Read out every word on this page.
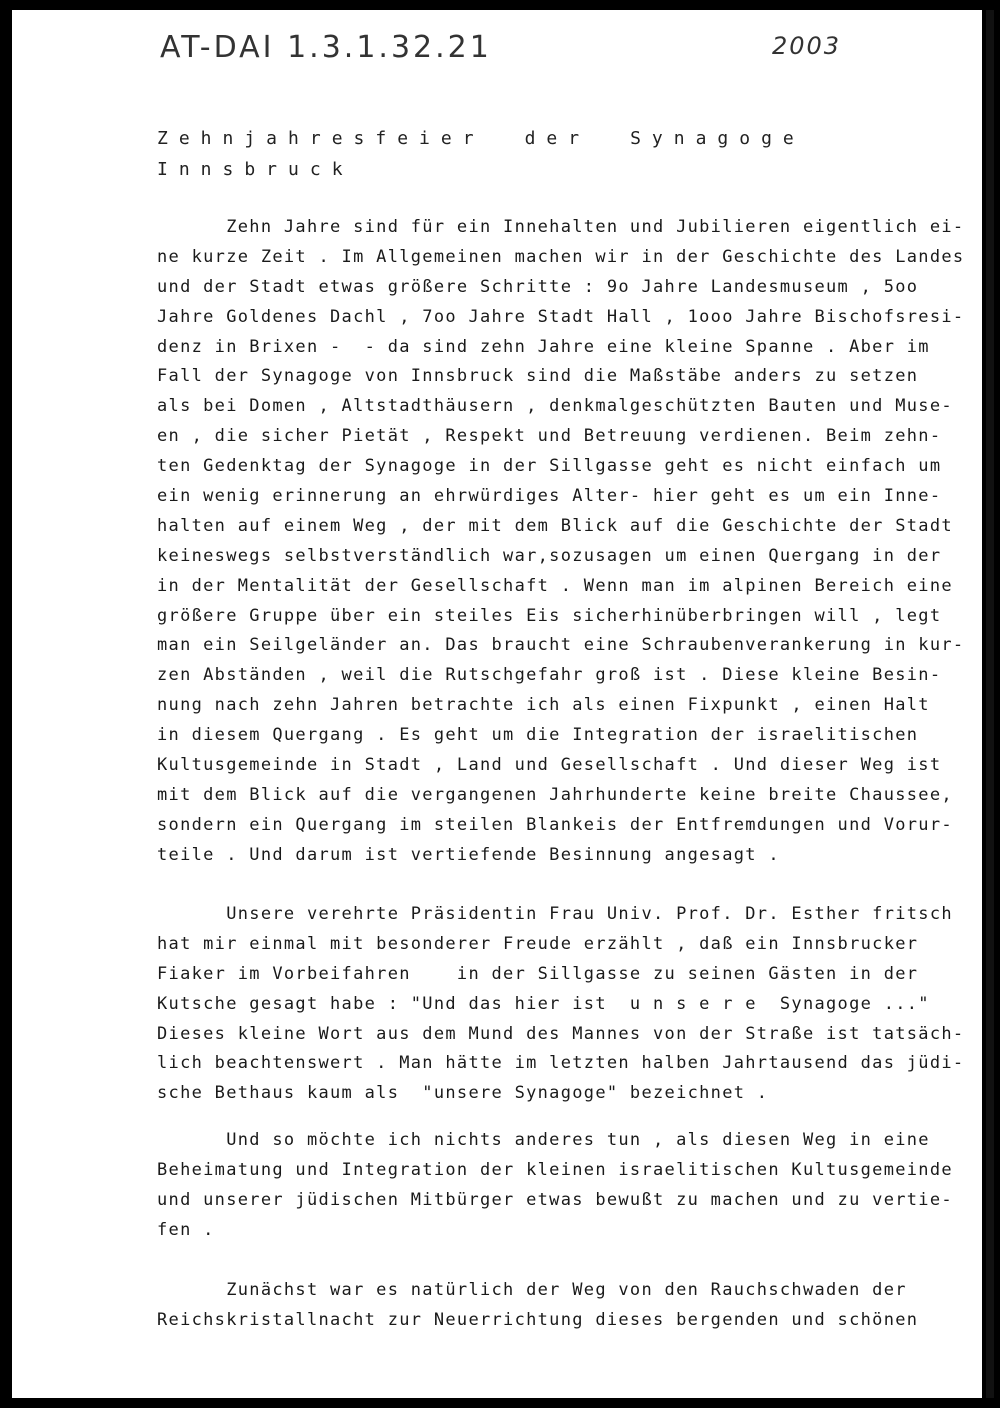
AT-DAI 1.3.1.32.21	2003
Zehnjahresfeier der Synagoge
Innsbruck
Zehn Jahre sind für ein Innehalten und Jubilieren eigentlich ei-
ne kurze Zeit . Im Allgemeinen machen wir in der Geschichte des Landes
und der Stadt etwas größere Schritte : 9o Jahre Landesmuseum , 5oo
Jahre Goldenes Dachl , 7oo Jahre Stadt Hall , 1ooo Jahre Bischofsresi-
denz in Brixen -  - da sind zehn Jahre eine kleine Spanne . Aber im
Fall der Synagoge von Innsbruck sind die Maßstäbe anders zu setzen
als bei Domen , Altstadthäusern , denkmalgeschützten Bauten und Muse-
en , die sicher Pietät , Respekt und Betreuung verdienen. Beim zehn-
ten Gedenktag der Synagoge in der Sillgasse geht es nicht einfach um
ein wenig erinnerung an ehrwürdiges Alter- hier geht es um ein Inne-
halten auf einem Weg , der mit dem Blick auf die Geschichte der Stadt
keineswegs selbstverständlich war,sozusagen um einen Quergang in der
in der Mentalität der Gesellschaft . Wenn man im alpinen Bereich eine
größere Gruppe über ein steiles Eis sicherhinüberbringen will , legt
man ein Seilgeländer an. Das braucht eine Schraubenverankerung in kur-
zen Abständen , weil die Rutschgefahr groß ist . Diese kleine Besin-
nung nach zehn Jahren betrachte ich als einen Fixpunkt , einen Halt
in diesem Quergang . Es geht um die Integration der israelitischen
Kultusgemeinde in Stadt , Land und Gesellschaft . Und dieser Weg ist
mit dem Blick auf die vergangenen Jahrhunderte keine breite Chaussee,
sondern ein Quergang im steilen Blankeis der Entfremdungen und Vorur-
teile . Und darum ist vertiefende Besinnung angesagt .
Unsere verehrte Präsidentin Frau Univ. Prof. Dr. Esther fritsch
hat mir einmal mit besonderer Freude erzählt , daß ein Innsbrucker
Fiaker im Vorbeifahren    in der Sillgasse zu seinen Gästen in der
Kutsche gesagt habe : "Und das hier ist  u n s e r e  Synagoge ..."
Dieses kleine Wort aus dem Mund des Mannes von der Straße ist tatsäch-
lich beachtenswert . Man hätte im letzten halben Jahrtausend das jüdi-
sche Bethaus kaum als  "unsere Synagoge" bezeichnet .
Und so möchte ich nichts anderes tun , als diesen Weg in eine
Beheimatung und Integration der kleinen israelitischen Kultusgemeinde
und unserer jüdischen Mitbürger etwas bewußt zu machen und zu vertie-
fen .
Zunächst war es natürlich der Weg von den Rauchschwaden der
Reichskristallnacht zur Neuerrichtung dieses bergenden und schönen
